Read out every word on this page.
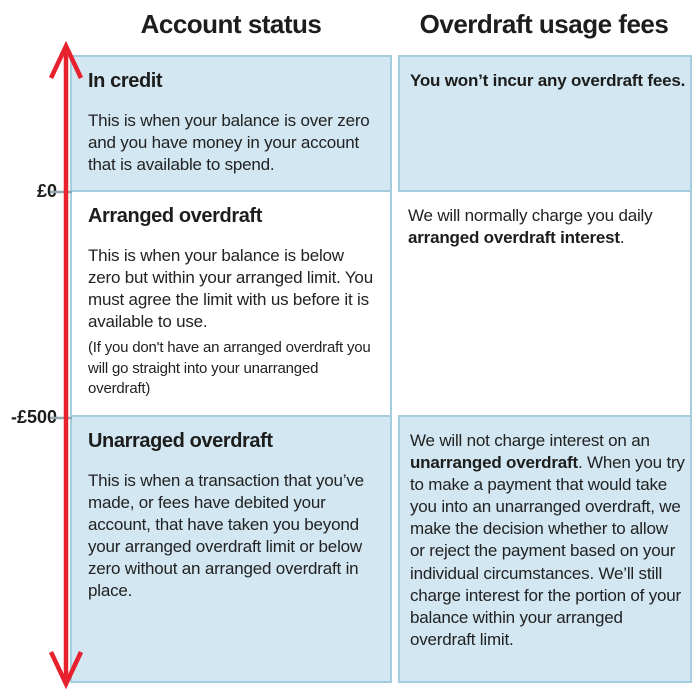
Account status	Overdraft usage fees
£0
-£500
In credit

This is when your balance is over zero and you have money in your account that is available to spend.

Arranged overdraft

This is when your balance is below zero but within your arranged limit. You must agree the limit with us before it is available to use.

(If you don't have an arranged overdraft you will go straight into your unarranged overdraft)

Unarraged overdraft

This is when a transaction that you’ve made, or fees have debited your account, that have taken you beyond your arranged overdraft limit or below zero without an arranged overdraft in place.

You won’t incur any overdraft fees.

We will normally charge you daily arranged overdraft interest.

We will not charge interest on an unarranged overdraft. When you try to make a payment that would take you into an unarranged overdraft, we make the decision whether to allow or reject the payment based on your individual circumstances. We’ll still charge interest for the portion of your balance within your arranged overdraft limit.
